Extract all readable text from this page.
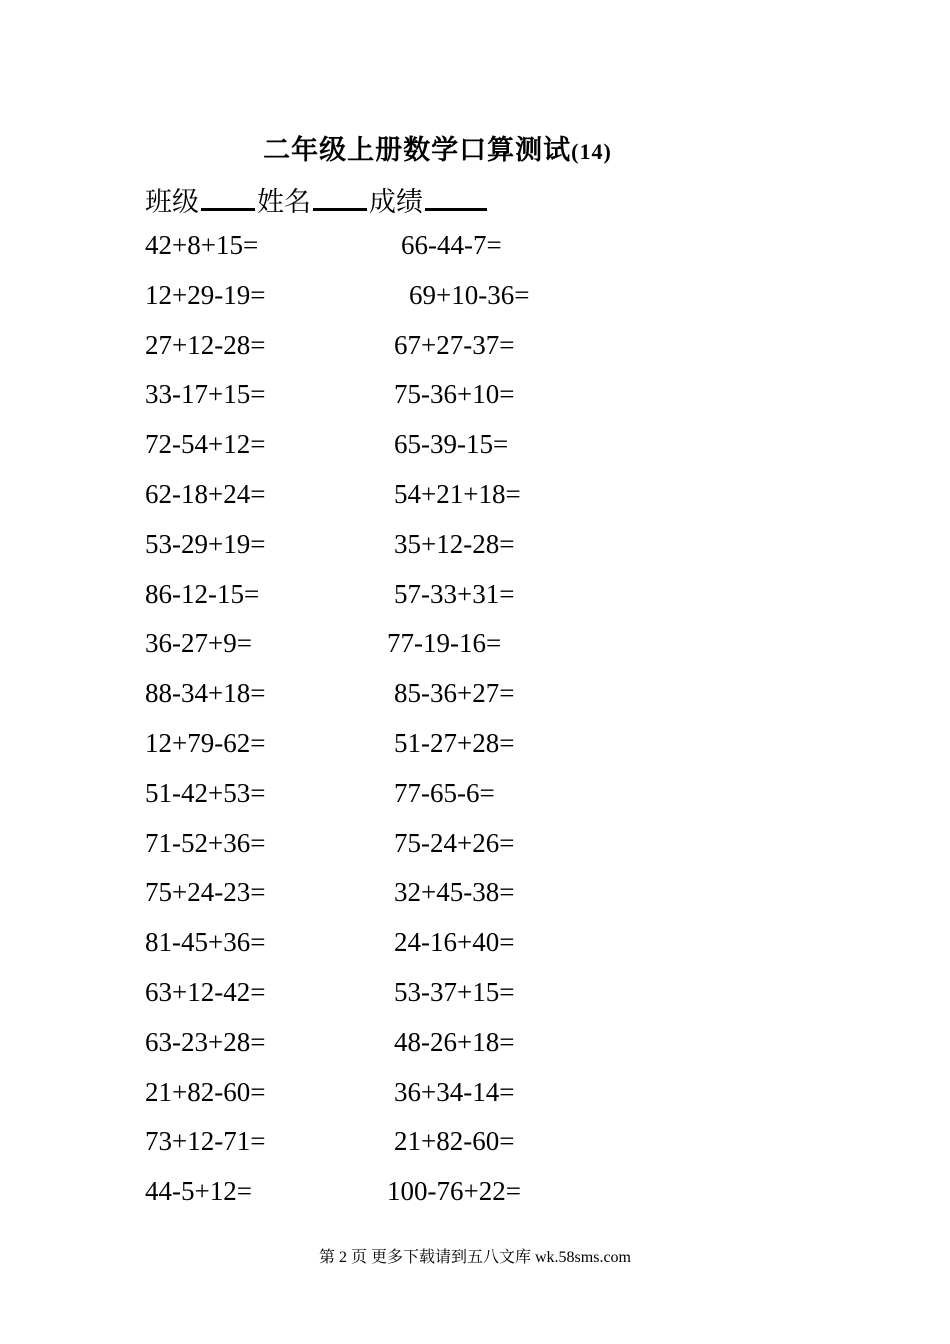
二年级上册数学口算测试(14)
班级 姓名 成绩
42+8+15=	66-44-7=
12+29-19=	69+10-36=
27+12-28=	67+27-37=
33-17+15=	75-36+10=
72-54+12=	65-39-15=
62-18+24=	54+21+18=
53-29+19=	35+12-28=
86-12-15=	57-33+31=
36-27+9=	77-19-16=
88-34+18=	85-36+27=
12+79-62=	51-27+28=
51-42+53=	77-65-6=
71-52+36=	75-24+26=
75+24-23=	32+45-38=
81-45+36=	24-16+40=
63+12-42=	53-37+15=
63-23+28=	48-26+18=
21+82-60=	36+34-14=
73+12-71=	21+82-60=
44-5+12=	100-76+22=
第 2 页 更多下载请到五八文库 wk.58sms.com
